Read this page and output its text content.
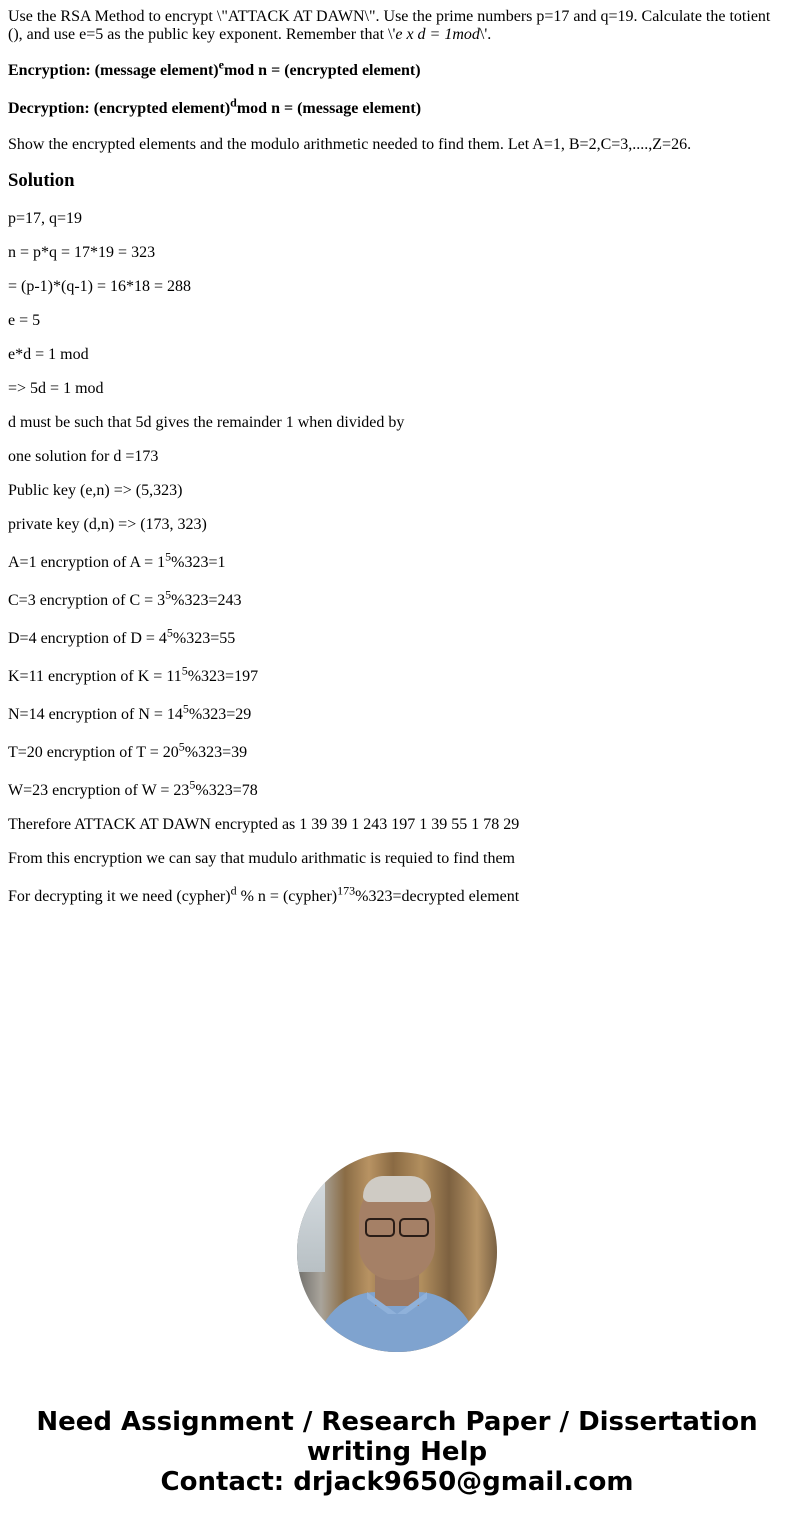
Use the RSA Method to encrypt \"ATTACK AT DAWN\". Use the prime numbers p=17 and q=19. Calculate the totient (), and use e=5 as the public key exponent. Remember that \'e x d = 1mod\'.

Encryption: (message element)$^e$mod n = (encrypted element)

Decryption: (encrypted element)$^d$mod n = (message element)

Show the encrypted elements and the modulo arithmetic needed to find them. Let A=1, B=2,C=3,....,Z=26.

Solution

p=17, q=19

n = p*q = 17*19 = 323

= (p-1)*(q-1) = 16*18 = 288

e = 5

e*d = 1 mod

=> 5d = 1 mod

d must be such that 5d gives the remainder 1 when divided by

one solution for d =173

Public key (e,n) => (5,323)

private key (d,n) => (173, 323)

A=1 encryption of $A = 1^5\%323=1$

C=3 encryption of $C = 3^5\%323=243$

D=4 encryption of $D = 4^5\%323=55$

K=11 encryption of $K = 11^5\%323=197$

N=14 encryption of $N = 14^5\%323=29$

T=20 encryption of $T = 20^5\%323=39$

W=23 encryption of $W = 23^5\%323=78$

Therefore ATTACK AT DAWN encrypted as 1 39 39 1 243 197 1 39 55 1 78 29

From this encryption we can say that mudulo arithmatic is requied to find them

For decrypting it we need (cypher)$^d$ % n = (cypher)$^{173}$%323=decrypted element

Need Assignment / Research Paper / Dissertation
writing Help
Contact: drjack9650@gmail.com
